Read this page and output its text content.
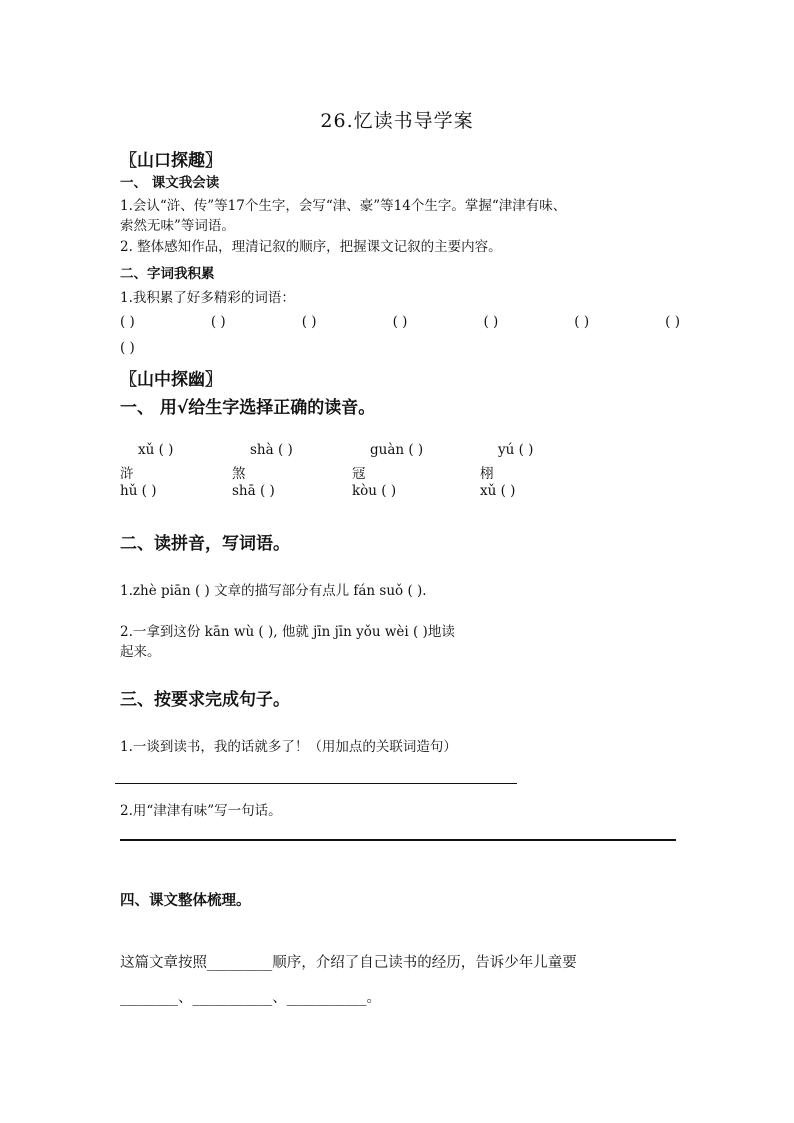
26.忆读书导学案
〖山口探趣〗
一、 课文我会读
1.会认“浒、传”等17个生字，会写“津、豪”等14个生字。掌握“津津有味、
索然无味”等词语。
2. 整体感知作品，理清记叙的顺序，把握课文记叙的主要内容。
二、字词我积累
1.我积累了好多精彩的词语：
( )	( )	( )	( )	( )	( )	( )
( )
〖山中探幽〗
一、 用√给生字选择正确的读音。
xǔ ( )	shà ( )	guàn ( )	yú ( )
浒	煞	冦	栩
hǔ ( )	shā ( )	kòu ( )	xǔ ( )
二、读拼音，写词语。
1.zhè piān ( ) 文章的描写部分有点儿 fán suǒ ( ).
2.一拿到这份 kān wù ( ), 他就 jīn jīn yǒu wèi ( )地读
起来。
三、按要求完成句子。
1.一谈到读书，我的话就多了！（用加点的关联词造句）
2.用“津津有味”写一句话。
四、课文整体梳理。
这篇文章按照_________顺序，介绍了自己读书的经历，告诉少年儿童要
________、___________、___________。
